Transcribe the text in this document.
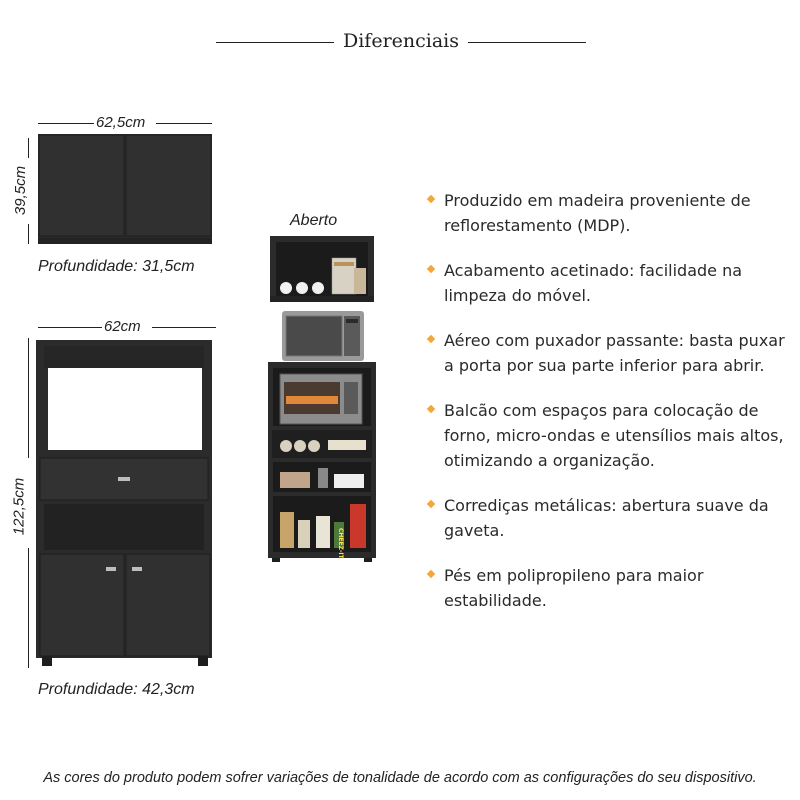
Diferenciais
62,5cm
39,5cm
Profundidade: 31,5cm
62cm
122,5cm
Profundidade: 42,3cm
Aberto
CHEEZ-IT
Produzido em madeira proveniente de reflorestamento (MDP).
Acabamento acetinado: facilidade na limpeza do móvel.
Aéreo com puxador passante: basta puxar a porta por sua parte inferior para abrir.
Balcão com espaços para colocação de forno, micro-ondas e utensílios mais altos, otimizando a organização.
Corrediças metálicas: abertura suave da gaveta.
Pés em polipropileno para maior estabilidade.
As cores do produto podem sofrer variações de tonalidade de acordo com as configurações do seu dispositivo.
